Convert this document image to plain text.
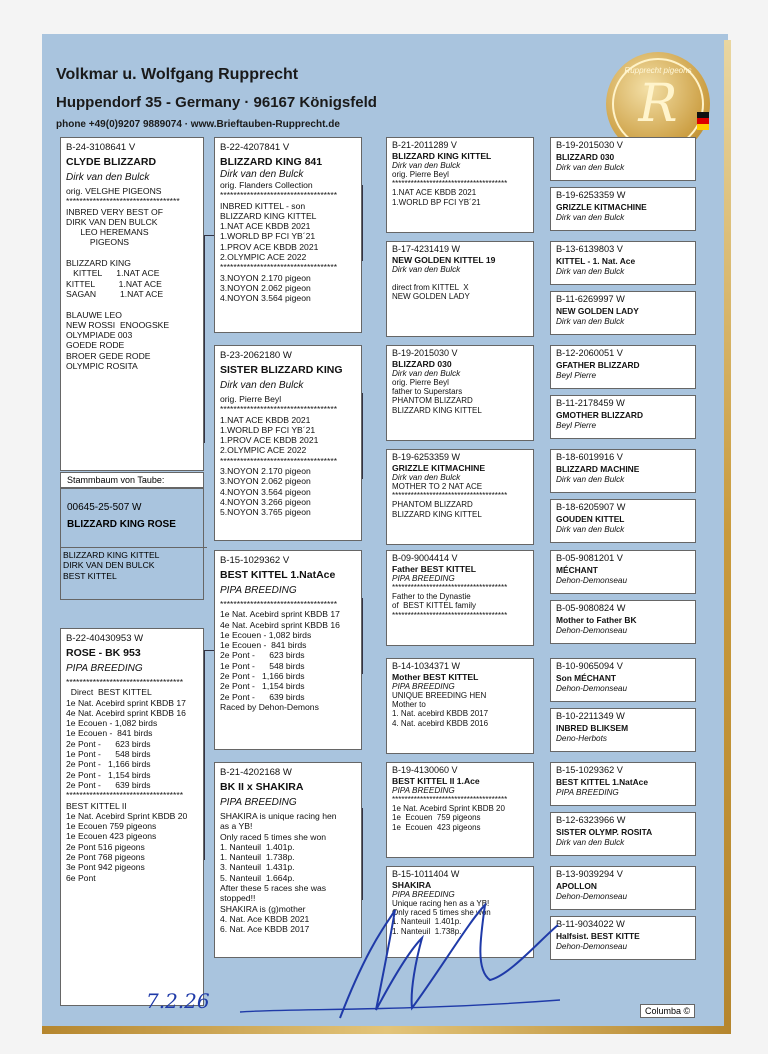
Volkmar u. Wolfgang Rupprecht
Huppendorf 35 - Germany · 96167 Königsfeld
phone +49(0)9207 9889074 · www.Brieftauben-Rupprecht.de
Rupprecht pigeons
R
B-24-3108641 V
CLYDE BLIZZARD
Dirk van den Bulck
orig. VELGHE PIGEONS
**********************************
INBRED VERY BEST OF
DIRK VAN DEN BULCK
LEO HEREMANS
PIGEONS
BLIZZARD KING
KITTEL      1.NAT ACE
KITTEL          1.NAT ACE
SAGAN          1.NAT ACE
BLAUWE LEO
NEW ROSSI  ENOOGSKE
OLYMPIADE 003
GOEDE RODE
BROER GEDE RODE
OLYMPIC ROSITA
Stammbaum von Taube:
00645-25-507 W
BLIZZARD KING ROSE
BLIZZARD KING KITTEL
DIRK VAN DEN BULCK
BEST KITTEL
B-22-40430953 W
ROSE - BK 953
PIPA BREEDING
***********************************
Direct  BEST KITTEL
1e Nat. Acebird sprint KBDB 17
4e Nat. Acebird sprint KBDB 16
1e Ecouen - 1,082 birds
1e Ecouen -  841 birds
2e Pont -      623 birds
1e Pont -      548 birds
2e Pont -   1,166 birds
2e Pont -   1,154 birds
2e Pont -      639 birds
***********************************
BEST KITTEL II
1e Nat. Acebird Sprint KBDB 20
1e Ecouen 759 pigeons
1e Ecouen 423 pigeons
2e Pont 516 pigeons
2e Pont 768 pigeons
3e Pont 942 pigeons
6e Pont
B-22-4207841 V
BLIZZARD KING 841
Dirk van den Bulck
orig. Flanders Collection
***********************************
INBRED KITTEL - son
BLIZZARD KING KITTEL
1.NAT ACE KBDB 2021
1.WORLD BP FCI YB´21
1.PROV ACE KBDB 2021
2.OLYMPIC ACE 2022
***********************************
3.NOYON 2.170 pigeon
3.NOYON 2.062 pigeon
4.NOYON 3.564 pigeon
B-23-2062180 W
SISTER BLIZZARD KING
Dirk van den Bulck
orig. Pierre Beyl
***********************************
1.NAT ACE KBDB 2021
1.WORLD BP FCI YB´21
1.PROV ACE KBDB 2021
2.OLYMPIC ACE 2022
***********************************
3.NOYON 2.170 pigeon
3.NOYON 2.062 pigeon
4.NOYON 3.564 pigeon
4.NOYON 3.266 pigeon
5.NOYON 3.765 pigeon
B-15-1029362 V
BEST KITTEL 1.NatAce
PIPA BREEDING
***********************************
1e Nat. Acebird sprint KBDB 17
4e Nat. Acebird sprint KBDB 16
1e Ecouen - 1,082 birds
1e Ecouen -  841 birds
2e Pont -      623 birds
1e Pont -      548 birds
2e Pont -   1,166 birds
2e Pont -   1,154 birds
2e Pont -      639 birds
Raced by Dehon-Demons
B-21-4202168 W
BK II x SHAKIRA
PIPA BREEDING
SHAKIRA is unique racing hen
as a YB!
Only raced 5 times she won
1. Nanteuil  1.401p.
1. Nanteuil  1.738p.
3. Nanteuil  1.431p.
5. Nanteuil  1.664p.
After these 5 races she was
stopped!!
SHAKIRA is (g)mother
4. Nat. Ace KBDB 2021
6. Nat. Ace KBDB 2017
B-21-2011289 V
BLIZZARD KING KITTEL
Dirk van den Bulck
orig. Pierre Beyl
*************************************
1.NAT ACE KBDB 2021
1.WORLD BP FCI YB´21
B-17-4231419 W
NEW GOLDEN KITTEL 19
Dirk van den Bulck
direct from KITTEL  X
NEW GOLDEN LADY
B-19-2015030 V
BLIZZARD 030
Dirk van den Bulck
orig. Pierre Beyl
father to Superstars
PHANTOM BLIZZARD
BLIZZARD KING KITTEL
B-19-6253359 W
GRIZZLE KITMACHINE
Dirk van den Bulck
MOTHER TO 2 NAT ACE
*************************************
PHANTOM BLIZZARD
BLIZZARD KING KITTEL
B-09-9004414 V
Father BEST KITTEL
PIPA BREEDING
*************************************
Father to the Dynastie
of  BEST KITTEL family
*************************************
B-14-1034371 W
Mother BEST KITTEL
PIPA BREEDING
UNIQUE BREEDING HEN
Mother to
1. Nat. acebird KBDB 2017
4. Nat. acebird KBDB 2016
B-19-4130060 V
BEST KITTEL II 1.Ace
PIPA BREEDING
*************************************
1e Nat. Acebird Sprint KBDB 20
1e  Ecouen  759 pigeons
1e  Ecouen  423 pigeons
B-15-1011404 W
SHAKIRA
PIPA BREEDING
Unique racing hen as a YB!
Only raced 5 times she won
1. Nanteuil  1.401p.
1. Nanteuil  1.738p.
B-19-2015030 V
BLIZZARD 030
Dirk van den Bulck
B-19-6253359 W
GRIZZLE KITMACHINE
Dirk van den Bulck
B-13-6139803 V
KITTEL - 1. Nat. Ace
Dirk van den Bulck
B-11-6269997 W
NEW GOLDEN LADY
Dirk van den Bulck
B-12-2060051 V
GFATHER BLIZZARD
Beyl Pierre
B-11-2178459 W
GMOTHER BLIZZARD
Beyl Pierre
B-18-6019916 V
BLIZZARD MACHINE
Dirk van den Bulck
B-18-6205907 W
GOUDEN KITTEL
Dirk van den Bulck
B-05-9081201 V
MÉCHANT
Dehon-Demonseau
B-05-9080824 W
Mother to Father BK
Dehon-Demonseau
B-10-9065094 V
Son MÉCHANT
Dehon-Demonseau
B-10-2211349 W
INBRED BLIKSEM
Deno-Herbots
B-15-1029362 V
BEST KITTEL 1.NatAce
PIPA BREEDING
B-12-6323966 W
SISTER OLYMP. ROSITA
Dirk van den Bulck
B-13-9039294 V
APOLLON
Dehon-Demonseau
B-11-9034022 W
Halfsist. BEST KITTE
Dehon-Demonseau
Columba ©
7.2.26
